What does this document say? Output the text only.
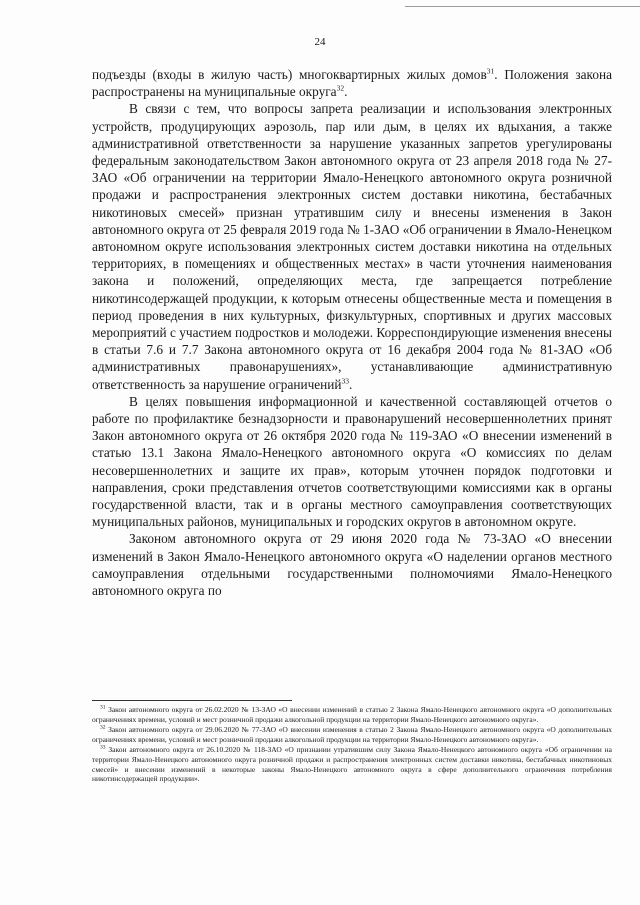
24

подъезды (входы в жилую часть) многоквартирных жилых домов$^{31}$. Положения закона распространены на муниципальные округа$^{32}$.

В связи с тем, что вопросы запрета реализации и использования электронных устройств, продуцирующих аэрозоль, пар или дым, в целях их вдыхания, а также административной ответственности за нарушение указанных запретов урегулированы федеральным законодательством Закон автономного округа от 23 апреля 2018 года № 27-ЗАО «Об ограничении на территории Ямало-Ненецкого автономного округа розничной продажи и распространения электронных систем доставки никотина, бестабачных никотиновых смесей» признан утратившим силу и внесены изменения в Закон автономного округа от 25 февраля 2019 года № 1-ЗАО «Об ограничении в Ямало-Ненецком автономном округе использования электронных систем доставки никотина на отдельных территориях, в помещениях и общественных местах» в части уточнения наименования закона и положений, определяющих места, где запрещается потребление никотинсодержащей продукции, к которым отнесены общественные места и помещения в период проведения в них культурных, физкультурных, спортивных и других массовых мероприятий с участием подростков и молодежи. Корреспондирующие изменения внесены в статьи 7.6 и 7.7 Закона автономного округа от 16 декабря 2004 года № 81-ЗАО «Об административных правонарушениях», устанавливающие административную ответственность за нарушение ограничений$^{33}$.

В целях повышения информационной и качественной составляющей отчетов о работе по профилактике безнадзорности и правонарушений несовершеннолетних принят Закон автономного округа от 26 октября 2020 года № 119-ЗАО «О внесении изменений в статью 13.1 Закона Ямало-Ненецкого автономного округа «О комиссиях по делам несовершеннолетних и защите их прав», которым уточнен порядок подготовки и направления, сроки представления отчетов соответствующими комиссиями как в органы государственной власти, так и в органы местного самоуправления соответствующих муниципальных районов, муниципальных и городских округов в автономном округе.

Законом автономного округа от 29 июня 2020 года № 73-ЗАО «О внесении изменений в Закон Ямало-Ненецкого автономного округа «О наделении органов местного самоуправления отдельными государственными полномочиями Ямало-Ненецкого автономного округа по

$^{31}$ Закон автономного округа от 26.02.2020 № 13-ЗАО «О внесении изменений в статью 2 Закона Ямало-Ненецкого автономного округа «О дополнительных ограничениях времени, условий и мест розничной продажи алкогольной продукции на территории Ямало-Ненецкого автономного округа».

$^{32}$ Закон автономного округа от 29.06.2020 № 77-ЗАО «О внесении изменения в статью 2 Закона Ямало-Ненецкого автономного округа «О дополнительных ограничениях времени, условий и мест розничной продажи алкогольной продукции на территории Ямало-Ненецкого автономного округа».

$^{33}$ Закон автономного округа от 26.10.2020 № 118-ЗАО «О признании утратившим силу Закона Ямало-Ненецкого автономного округа «Об ограничении на территории Ямало-Ненецкого автономного округа розничной продажи и распространения электронных систем доставки никотина, бестабачных никотиновых смесей» и внесении изменений в некоторые законы Ямало-Ненецкого автономного округа в сфере дополнительного ограничения потребления никотинсодержащей продукции».
